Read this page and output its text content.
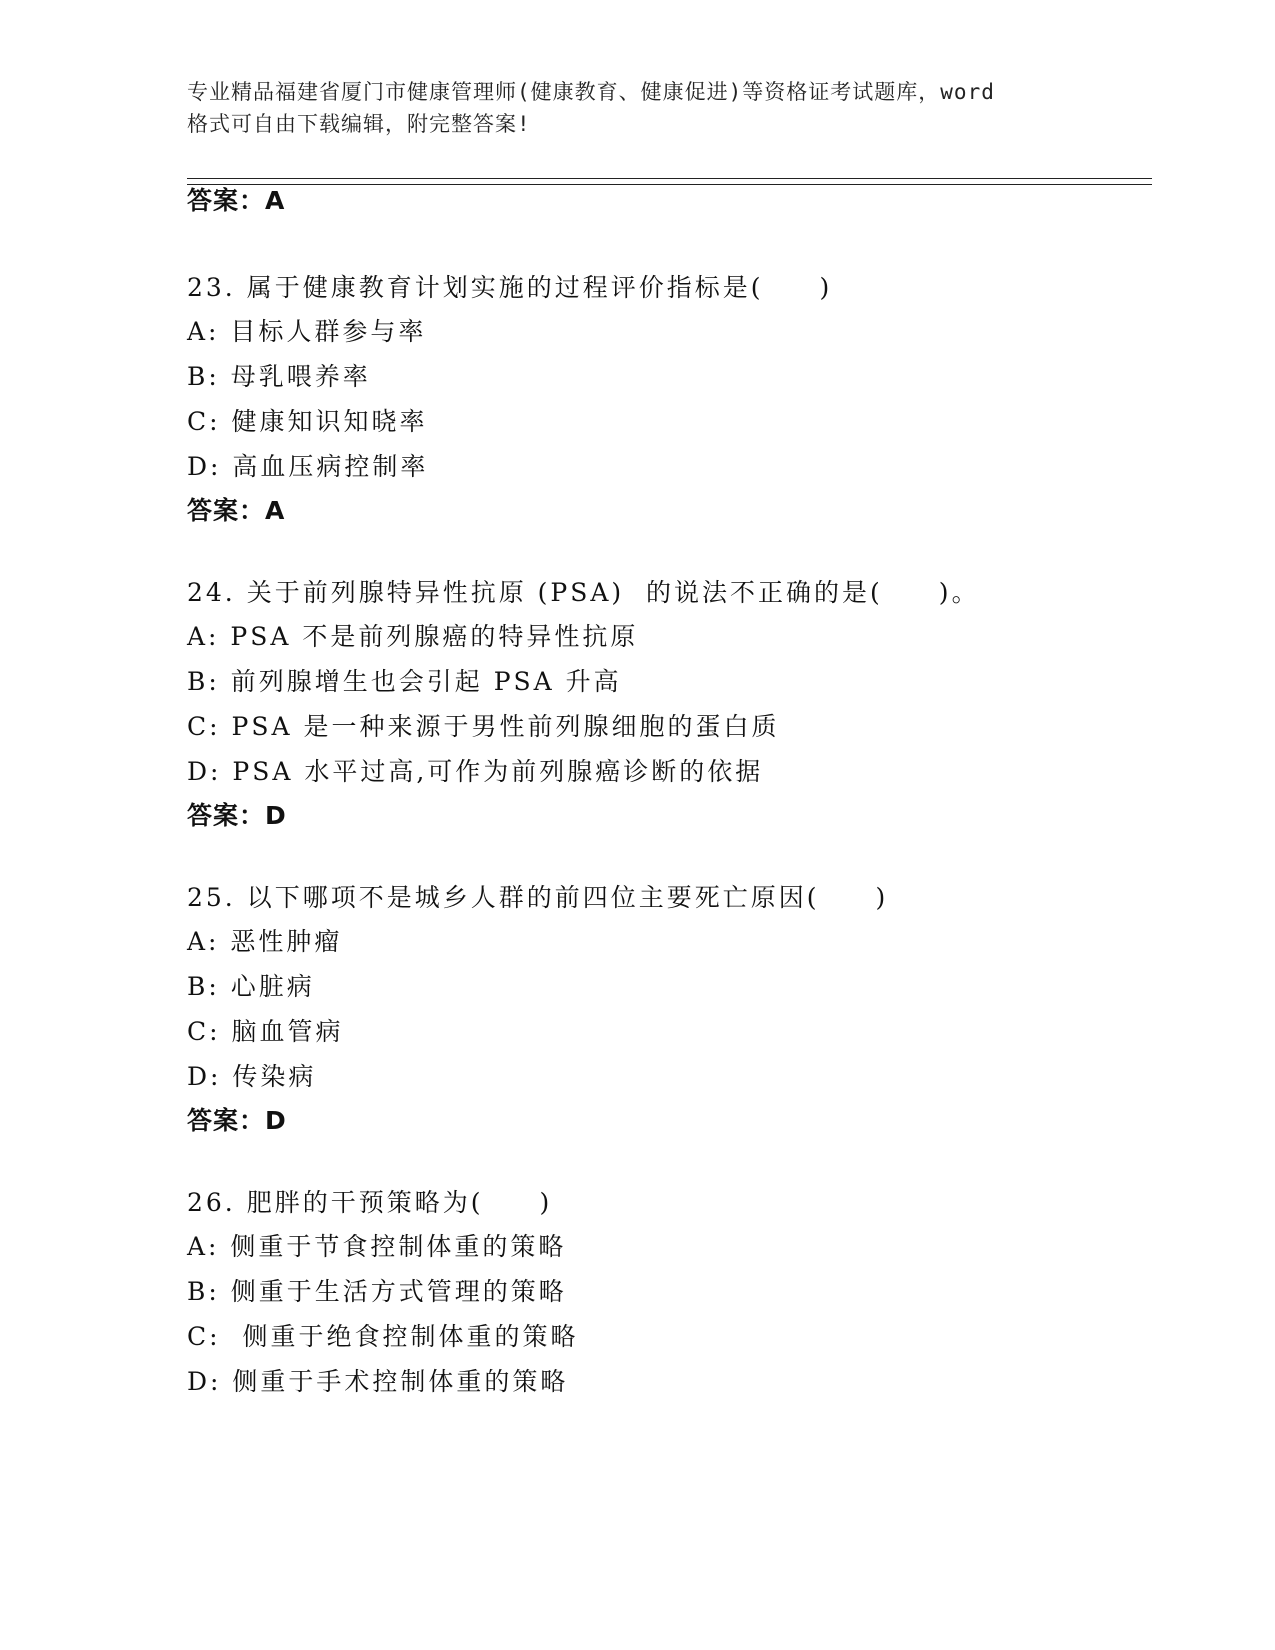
专业精品福建省厦门市健康管理师(健康教育、健康促进)等资格证考试题库，word
格式可自由下载编辑，附完整答案!
答案：A
23. 属于健康教育计划实施的过程评价指标是(　　)
A: 目标人群参与率
B: 母乳喂养率
C: 健康知识知晓率
D: 高血压病控制率
答案：A
24. 关于前列腺特异性抗原 (PSA)  的说法不正确的是(　　)。
A: PSA 不是前列腺癌的特异性抗原
B: 前列腺增生也会引起 PSA 升高
C: PSA 是一种来源于男性前列腺细胞的蛋白质
D: PSA 水平过高,可作为前列腺癌诊断的依据
答案：D
25. 以下哪项不是城乡人群的前四位主要死亡原因(　　)
A: 恶性肿瘤
B: 心脏病
C: 脑血管病
D: 传染病
答案：D
26. 肥胖的干预策略为(　　)
A: 侧重于节食控制体重的策略
B: 侧重于生活方式管理的策略
C:  侧重于绝食控制体重的策略
D: 侧重于手术控制体重的策略
